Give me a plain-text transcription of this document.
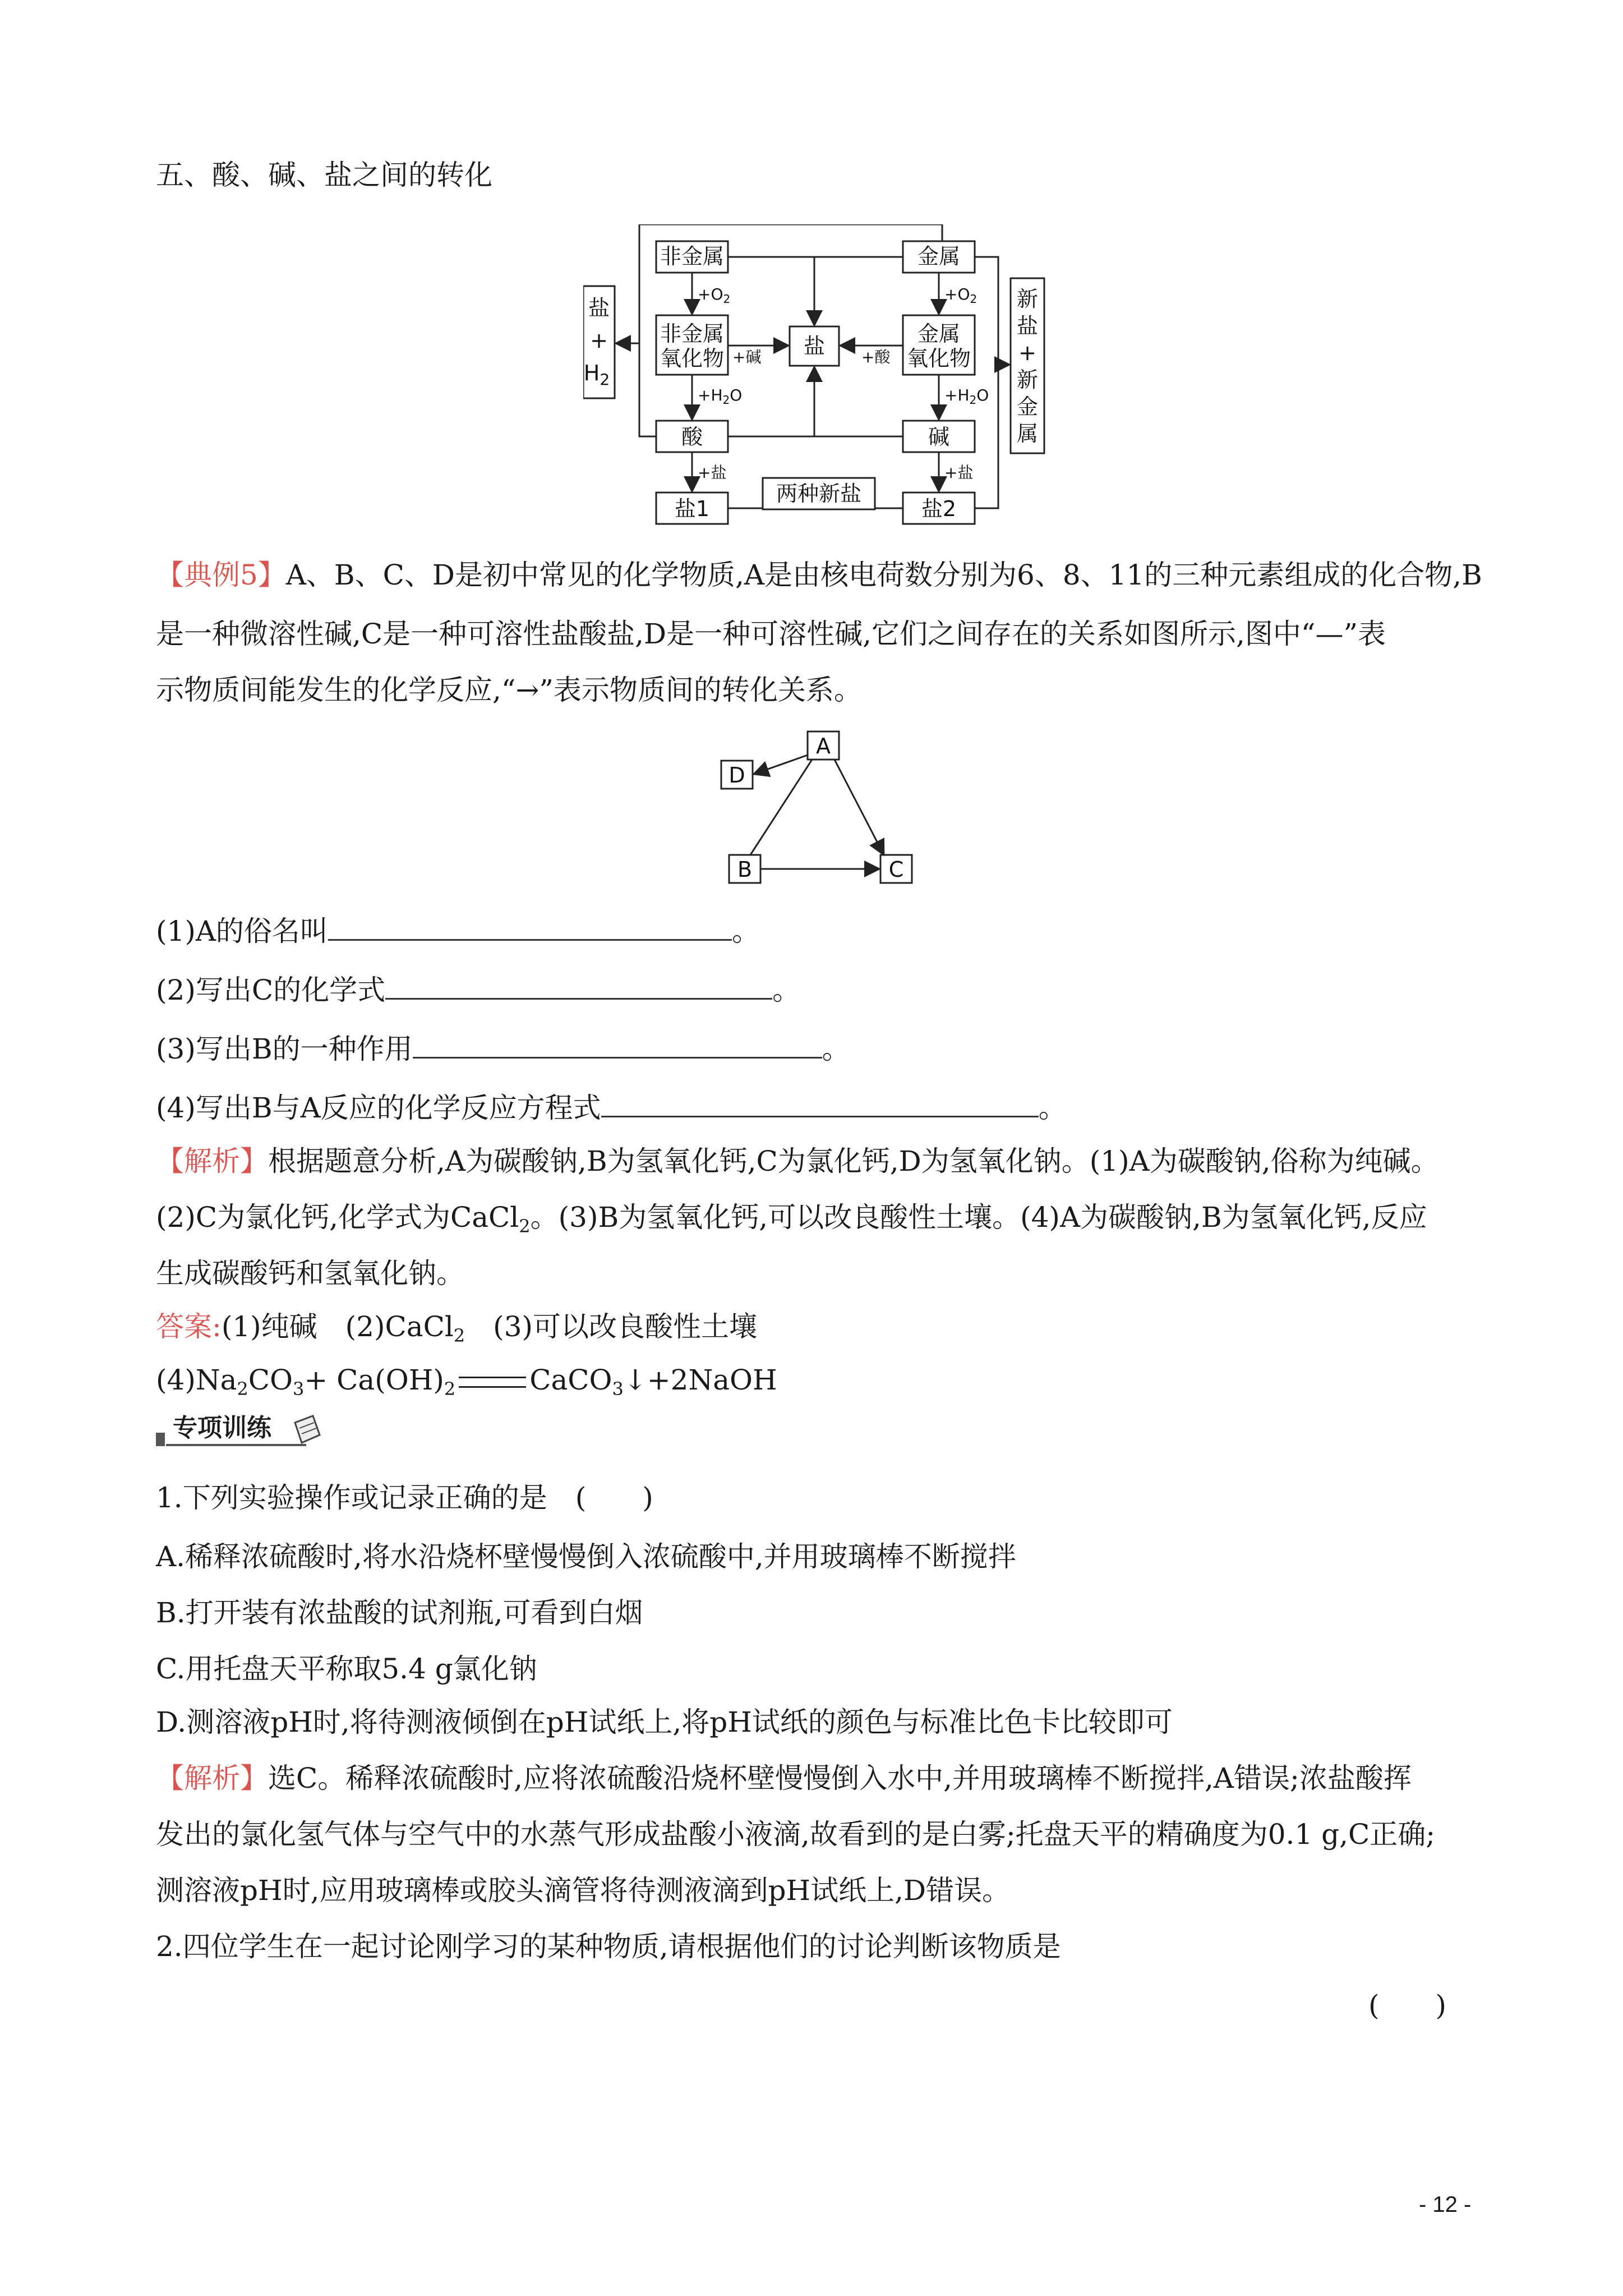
五、酸、碱、盐之间的转化
非金属	金属
非金属
氧化物
金属
氧化物
盐
酸	碱
盐1	盐2
两种新盐
盐
+
$H_2$
新
盐
+
新
金
属
$+O_2$	$+O_2$
+碱	+酸
$+H_2O$	$+H_2O$
+盐	+盐
【典例5】A、B、C、D是初中常见的化学物质,A是由核电荷数分别为6、8、11的三种元素组成的化合物,B
是一种微溶性碱,C是一种可溶性盐酸盐,D是一种可溶性碱,它们之间存在的关系如图所示,图中“—”表
示物质间能发生的化学反应,“→”表示物质间的转化关系。
A
D
B	C
(1)A的俗名叫	。
(2)写出C的化学式	。
(3)写出B的一种作用	。
(4)写出B与A反应的化学反应方程式	。
【解析】根据题意分析,A为碳酸钠,B为氢氧化钙,C为氯化钙,D为氢氧化钠。(1)A为碳酸钠,俗称为纯碱。
(2)C为氯化钙,化学式为CaCl$_2$。(3)B为氢氧化钙,可以改良酸性土壤。(4)A为碳酸钠,B为氢氧化钙,反应
生成碳酸钙和氢氧化钠。
答案:(1)纯碱　(2)CaCl$_2$　(3)可以改良酸性土壤
$(4)Na_2CO_3+ Ca(OH)_2$	CaCO$_3$↓+2NaOH
专项训练
1.下列实验操作或记录正确的是　(　　)
A.稀释浓硫酸时,将水沿烧杯壁慢慢倒入浓硫酸中,并用玻璃棒不断搅拌
B.打开装有浓盐酸的试剂瓶,可看到白烟
C.用托盘天平称取5.4 g氯化钠
D.测溶液pH时,将待测液倾倒在pH试纸上,将pH试纸的颜色与标准比色卡比较即可
【解析】选C。稀释浓硫酸时,应将浓硫酸沿烧杯壁慢慢倒入水中,并用玻璃棒不断搅拌,A错误;浓盐酸挥
发出的氯化氢气体与空气中的水蒸气形成盐酸小液滴,故看到的是白雾;托盘天平的精确度为0.1 g,C正确;
测溶液pH时,应用玻璃棒或胶头滴管将待测液滴到pH试纸上,D错误。
2.四位学生在一起讨论刚学习的某种物质,请根据他们的讨论判断该物质是
(　　)
- 12 -
